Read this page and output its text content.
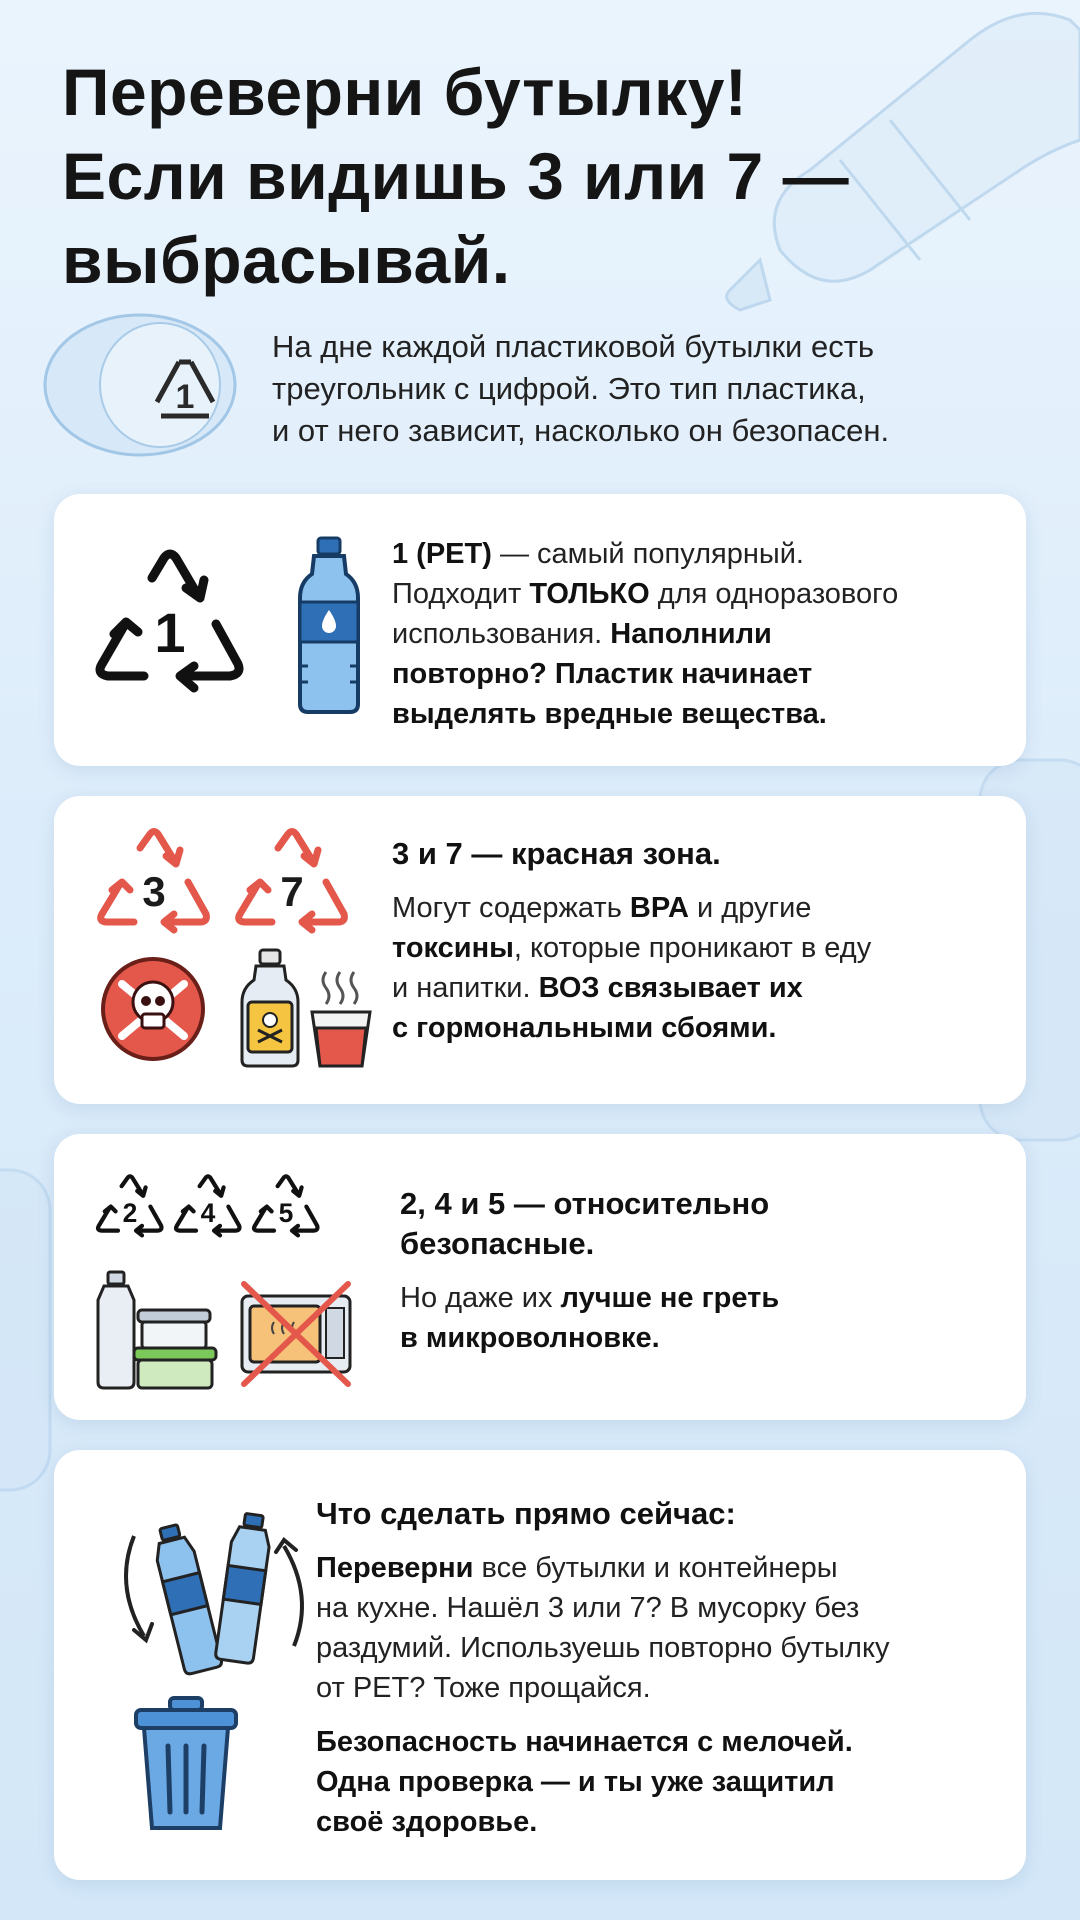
Переверни бутылку!
Если видишь 3 или 7 —
выбрасывай.
1

На дне каждой пластиковой бутылки есть
треугольник с цифрой. Это тип пластика,
и от него зависит, насколько он безопасен.

1

1 (PET) — самый популярный.

Подходит ТОЛЬКО для одноразового

использования. Наполнили

повторно? Пластик начинает

выделять вредные вещества.

3	7

3 и 7 — красная зона.

Могут содержать BPA и другие

токсины, которые проникают в еду

и напитки. ВОЗ связывает их

с гормональными сбоями.

2 4 5	2, 4 и 5 — относительно

безопасные.

Но даже их лучше не греть

в микроволновке.

Что сделать прямо сейчас:

Переверни все бутылки и контейнеры

на кухне. Нашёл 3 или 7? В мусорку без

раздумий. Используешь повторно бутылку

от PET? Тоже прощайся.

Безопасность начинается с мелочей.

Одна проверка — и ты уже защитил

своё здоровье.
